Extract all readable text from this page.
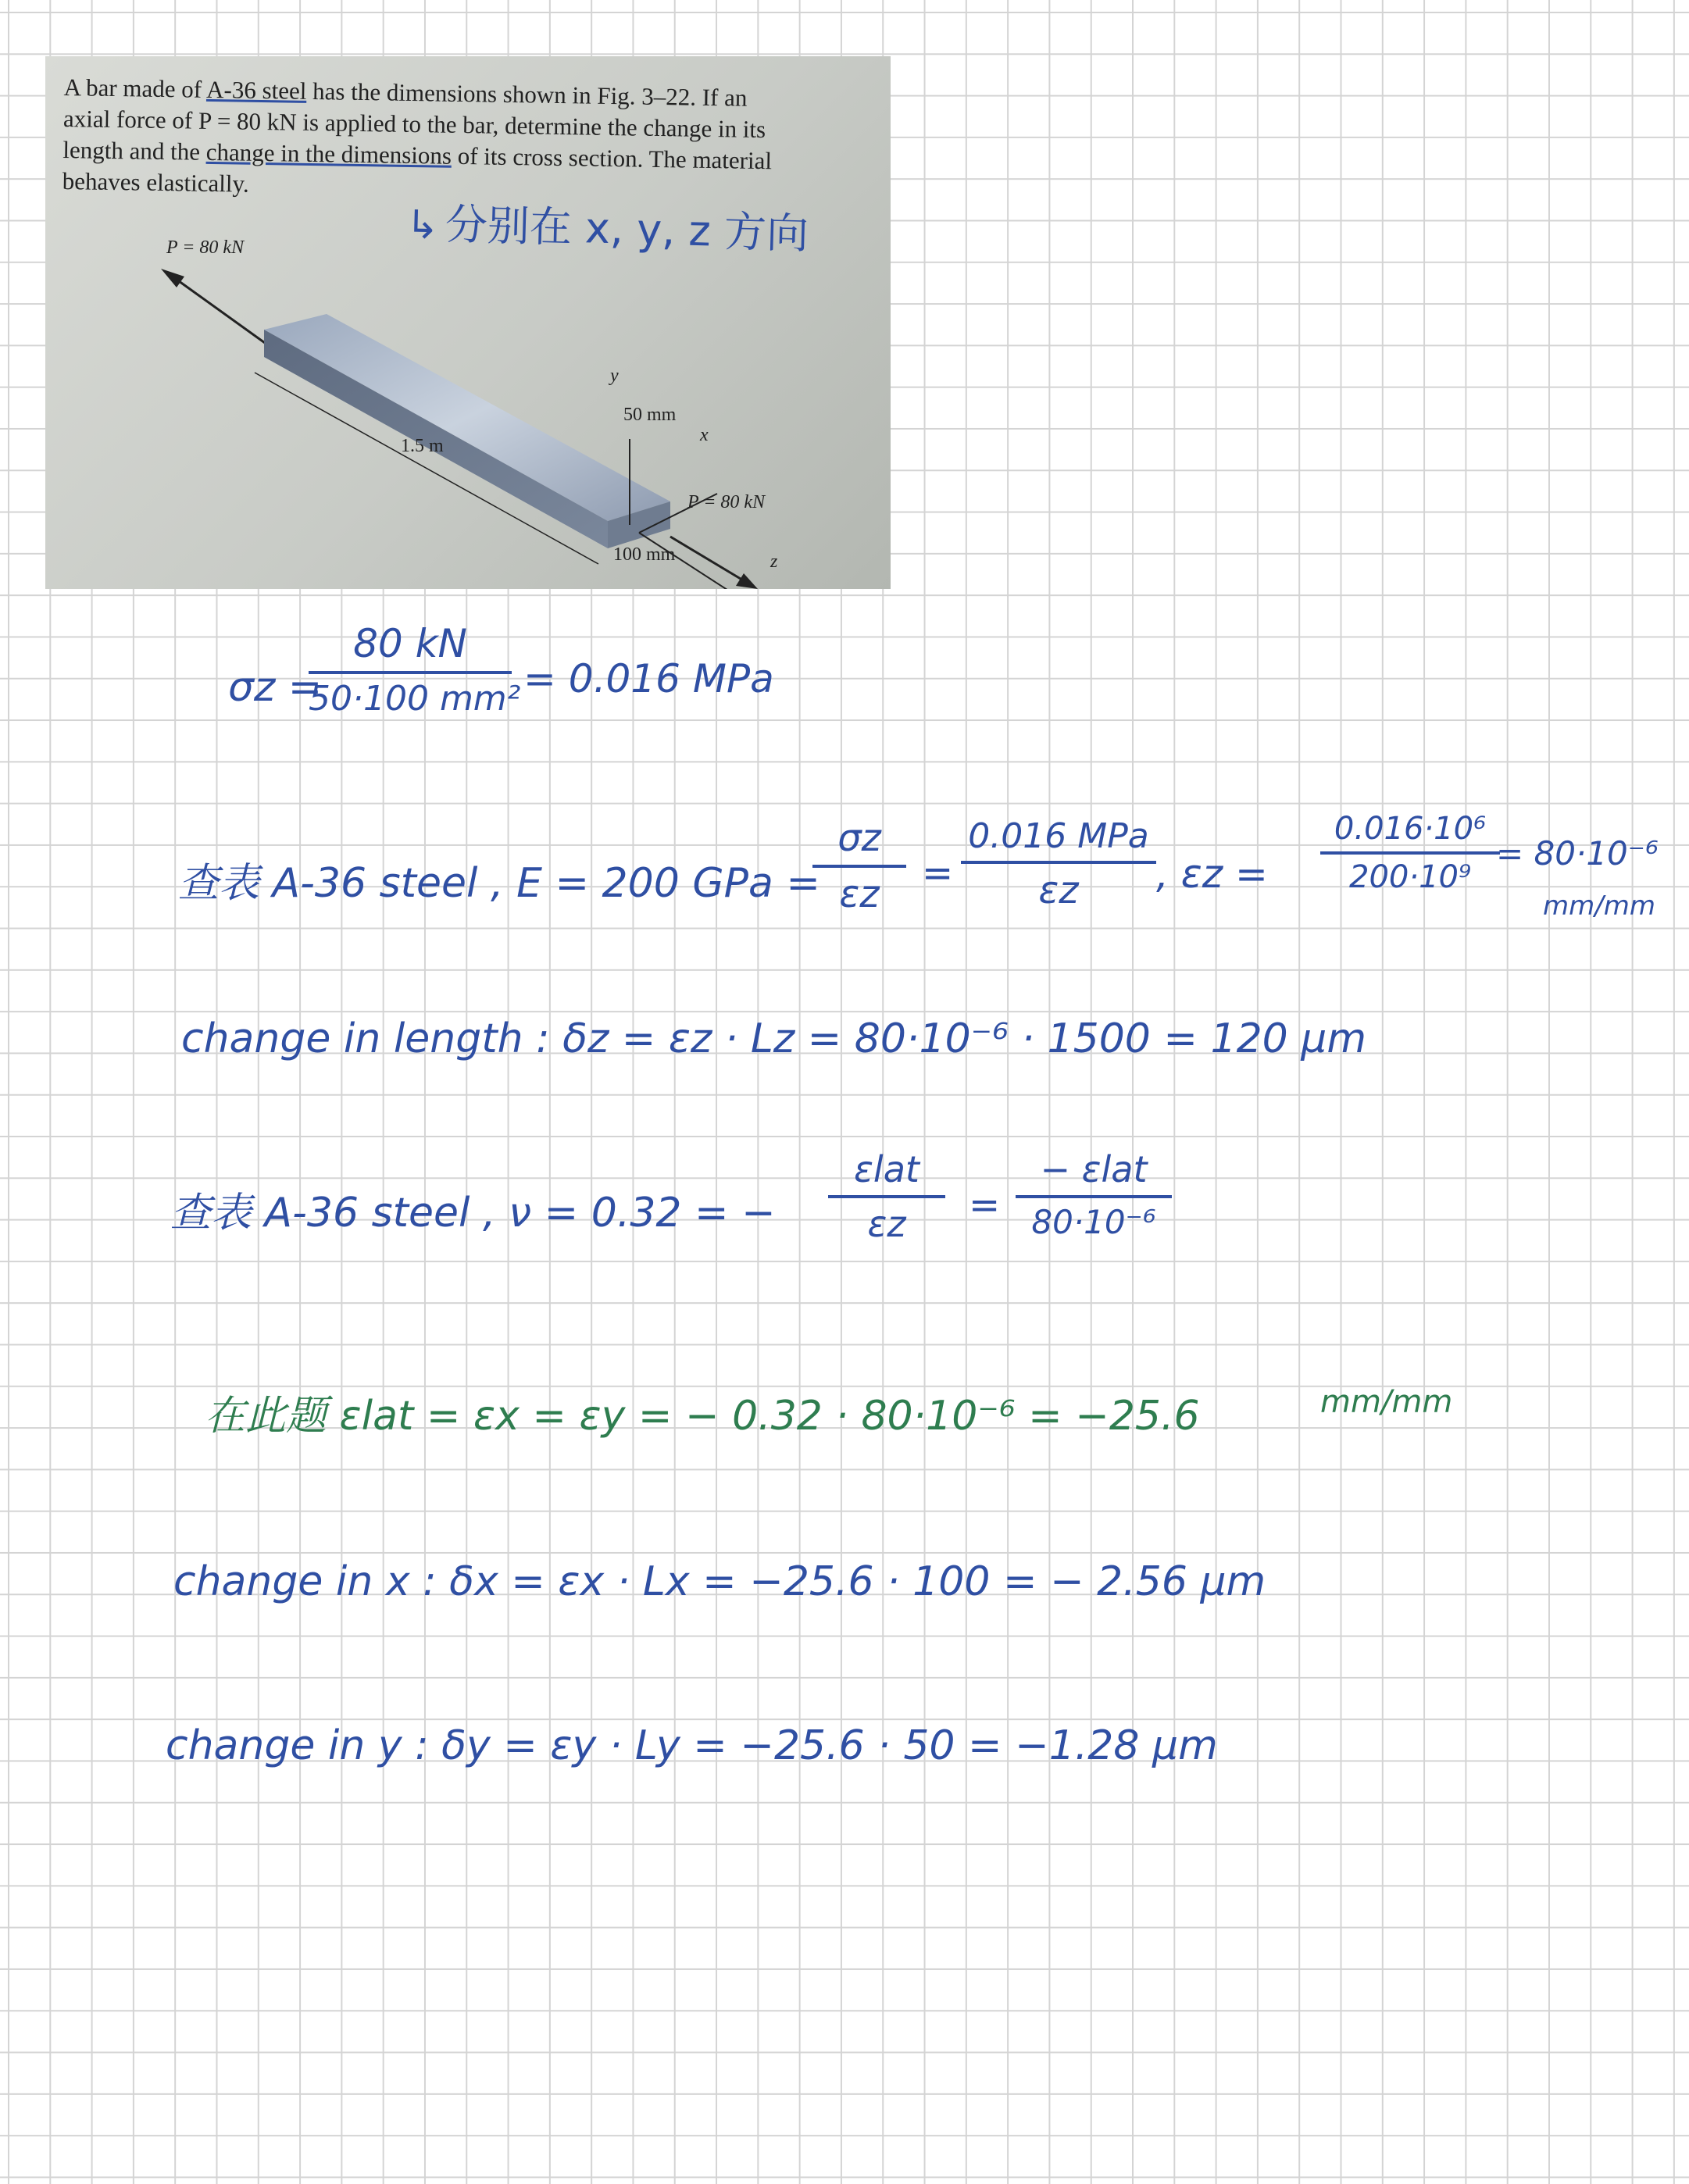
A bar made of A-36 steel has the dimensions shown in Fig. 3–22. If an
axial force of P = 80 kN is applied to the bar, determine the change in its
length and the change in the dimensions of its cross section. The material
behaves elastically.
↳ 分别在 x, y, z 方向
P = 80 kN
1.5 m
50 mm
P = 80 kN
100 mm
y
x
z
σz =
80 kN
50·100 mm² = 0.016 MPa
查表 A-36 steel , E = 200 GPa =
σz
εz	=
0.016 MPa
εz	, εz =
0.016·10⁶
200·10⁹
= 80·10⁻⁶
mm/mm
change in length : δz = εz · Lz = 80·10⁻⁶ · 1500 = 120 μm
查表 A-36 steel , ν = 0.32 = −
εlat
εz	=
− εlat
80·10⁻⁶
在此题 εlat = εx = εy = − 0.32 · 80·10⁻⁶ = −25.6	mm/mm
change in x : δx = εx · Lx = −25.6 · 100 = − 2.56 μm
change in y : δy = εy · Ly = −25.6 · 50 = −1.28 μm
